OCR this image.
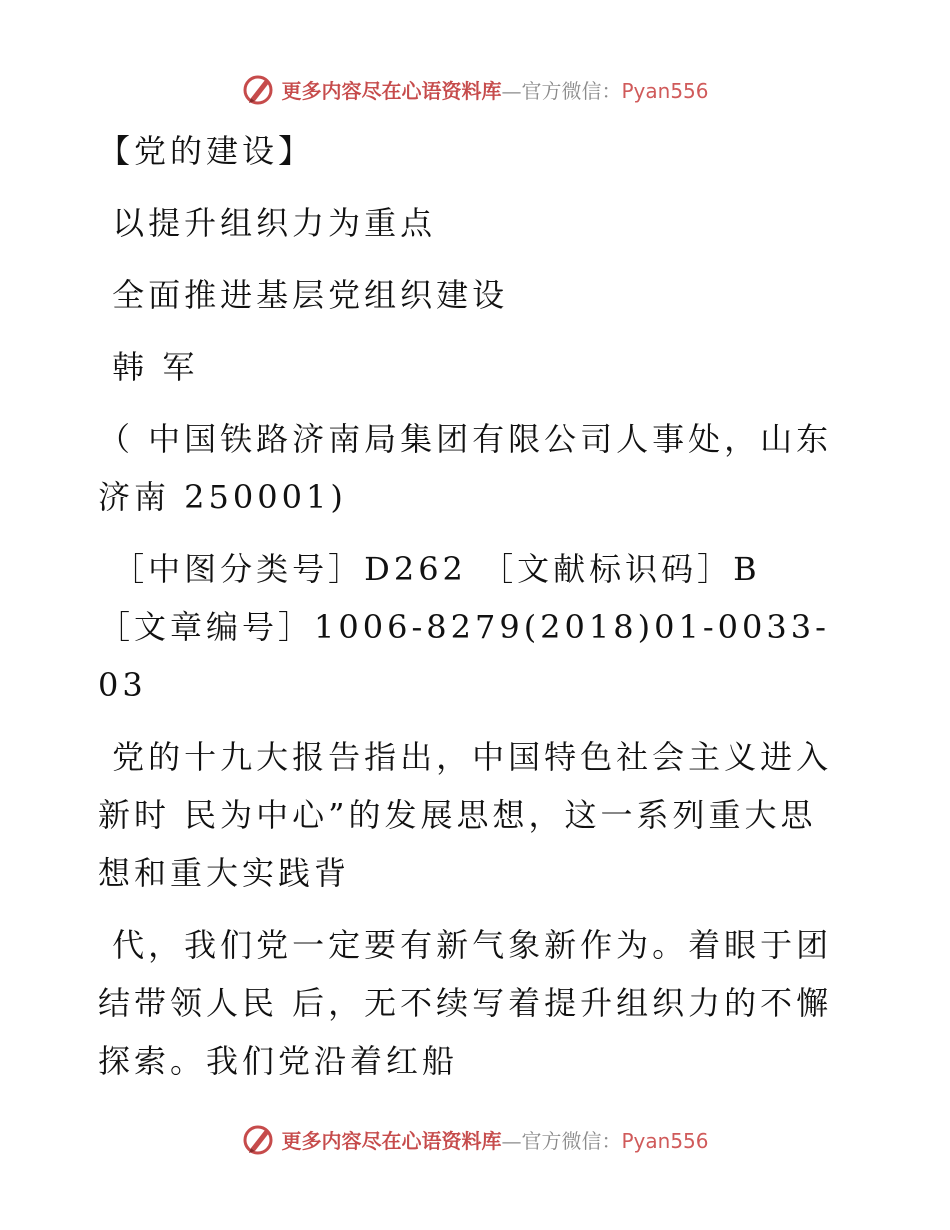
更多内容尽在心语资料库—官方微信：Pyan556

【党的建设】

以提升组织力为重点

全面推进基层党组织建设

韩 军

（ 中国铁路济南局集团有限公司人事处，山东 济南 250001)

［中图分类号］D262 ［文献标识码］B ［文章编号］1006-8279(2018)01-0033-03

党的十九大报告指出，中国特色社会主义进入新时 民为中心”的发展思想，这一系列重大思想和重大实践背

代，我们党一定要有新气象新作为。着眼于团结带领人民 后，无不续写着提升组织力的不懈探索。我们党沿着红船

更多内容尽在心语资料库—官方微信：Pyan556
